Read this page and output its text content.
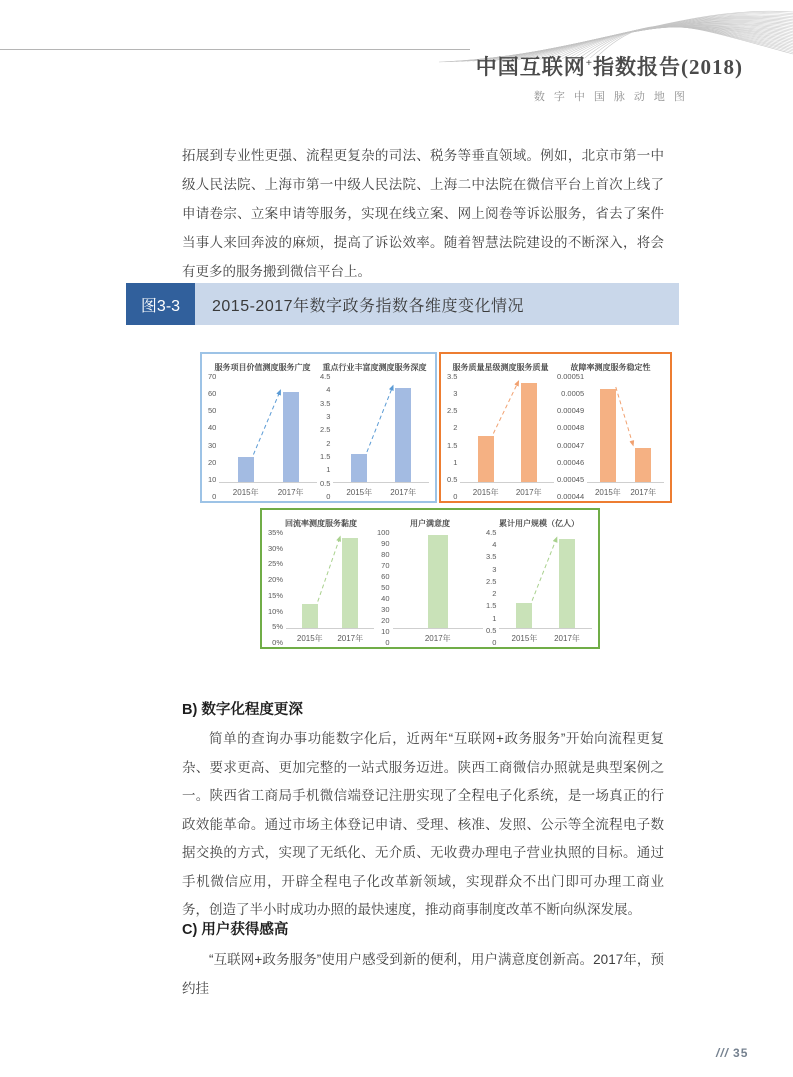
中国互联网+指数报告(2018)
数字中国脉动地图
拓展到专业性更强、流程更复杂的司法、税务等垂直领域。例如，北京市第一中级人民法院、上海市第一中级人民法院、上海二中法院在微信平台上首次上线了申请卷宗、立案申请等服务，实现在线立案、网上阅卷等诉讼服务，省去了案件当事人来回奔波的麻烦，提高了诉讼效率。随着智慧法院建设的不断深入，将会有更多的服务搬到微信平台上。
图3-3	2015-2017年数字政务指数各维度变化情况
服务项目价值测度服务广度
70
60
50
40
30
20
10
0 2015年 2017年
重点行业丰富度测度服务深度
4.5
4
3.5
3
2.5
2
1.5
1
0.5
0 2015年 2017年
服务质量星级测度服务质量
3.5
3
2.5
2
1.5
1
0.5
0 2015年 2017年
故障率测度服务稳定性
0.00051
0.0005
0.00049
0.00048
0.00047
0.00046
0.00045
0.00044 2015年 2017年
回流率测度服务黏度
35%
30%
25%
20%
15%
10%
5%
0% 2015年 2017年
用户满意度
100
90
80
70
60
50
40
30
20
10
0	2017年
累计用户规模（亿人）
4.5
4
3.5
3
2.5
2
1.5
1
0.5
0 2015年 2017年
B) 数字化程度更深
简单的查询办事功能数字化后，近两年“互联网+政务服务”开始向流程更复杂、要求更高、更加完整的一站式服务迈进。陕西工商微信办照就是典型案例之一。陕西省工商局手机微信端登记注册实现了全程电子化系统，是一场真正的行政效能革命。通过市场主体登记申请、受理、核准、发照、公示等全流程电子数据交换的方式，实现了无纸化、无介质、无收费办理电子营业执照的目标。通过手机微信应用，开辟全程电子化改革新领域，实现群众不出门即可办理工商业务，创造了半小时成功办照的最快速度，推动商事制度改革不断向纵深发展。
C) 用户获得感高
“互联网+政务服务”使用户感受到新的便利，用户满意度创新高。2017年，预约挂
/// 35
